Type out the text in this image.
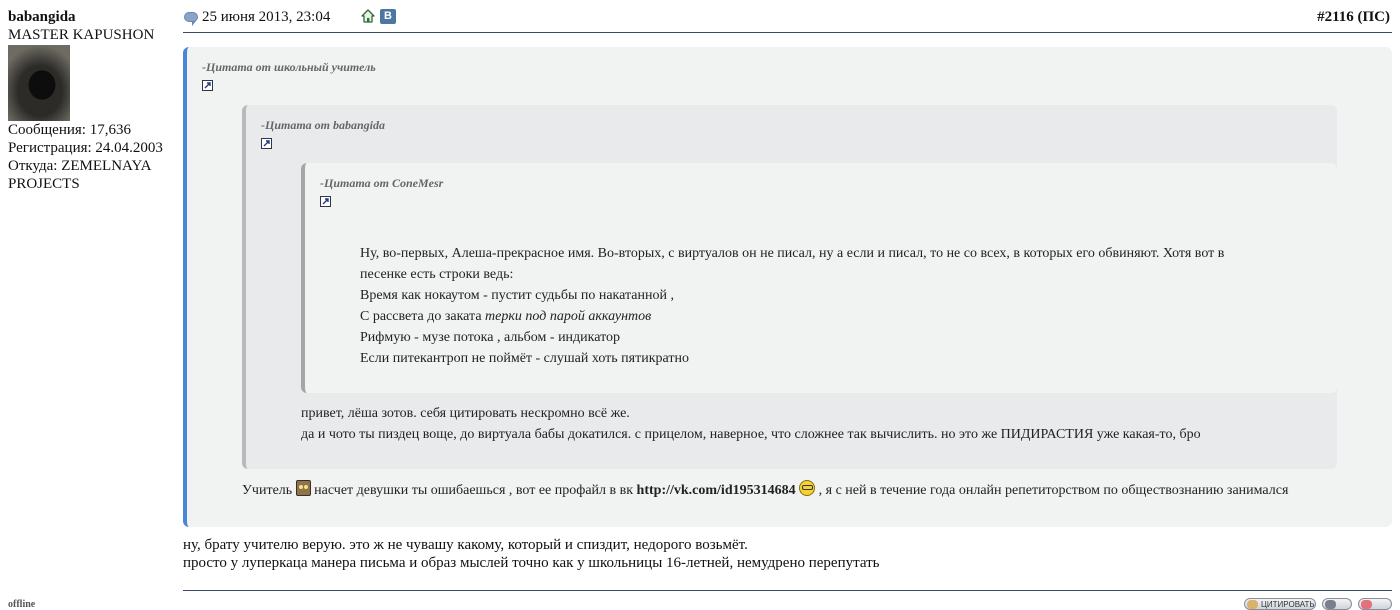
babangida
MASTER KAPUSHON
Сообщения: 17,636
Регистрация: 24.04.2003
Откуда: ZEMELNAYA
PROJECTS
offline
25 июня 2013, 23:04	B	#2116 (ПС)
-Цитата от школьный учитель
-Цитата от babangida
-Цитата от ConeMesr

Ну, во-первых, Алеша-прекрасное имя. Во-вторых, с виртуалов он не писал, ну а если и писал, то не со всех, в которых его обвиняют. Хотя вот в

песенке есть строки ведь:

Время как нокаутом - пустит судьбы по накатанной ,

С рассвета до заката терки под парой аккаунтов

Рифмую - музе потока , альбом - индикатор

Если питекантроп не поймёт - слушай хоть пятикратно

привет, лёша зотов. себя цитировать нескромно всё же.

да и чото ты пиздец воще, до виртуала бабы докатился. с прицелом, наверное, что сложнее так вычислить. но это же ПИДИРАСТИЯ уже какая-то, бро

Учитель  насчет девушки ты ошибаешься , вот ее профайл в вк http://vk.com/id195314684  , я с ней в течение года онлайн репетиторством по обществознанию занимался
ну, брату учителю верую. это ж не чувашу какому, который и спиздит, недорого возьмёт.
просто у луперкаца манера письма и образ мыслей точно как у школьницы 16-летней, немудрено перепутать
ЦИТИРОВАТЬ
